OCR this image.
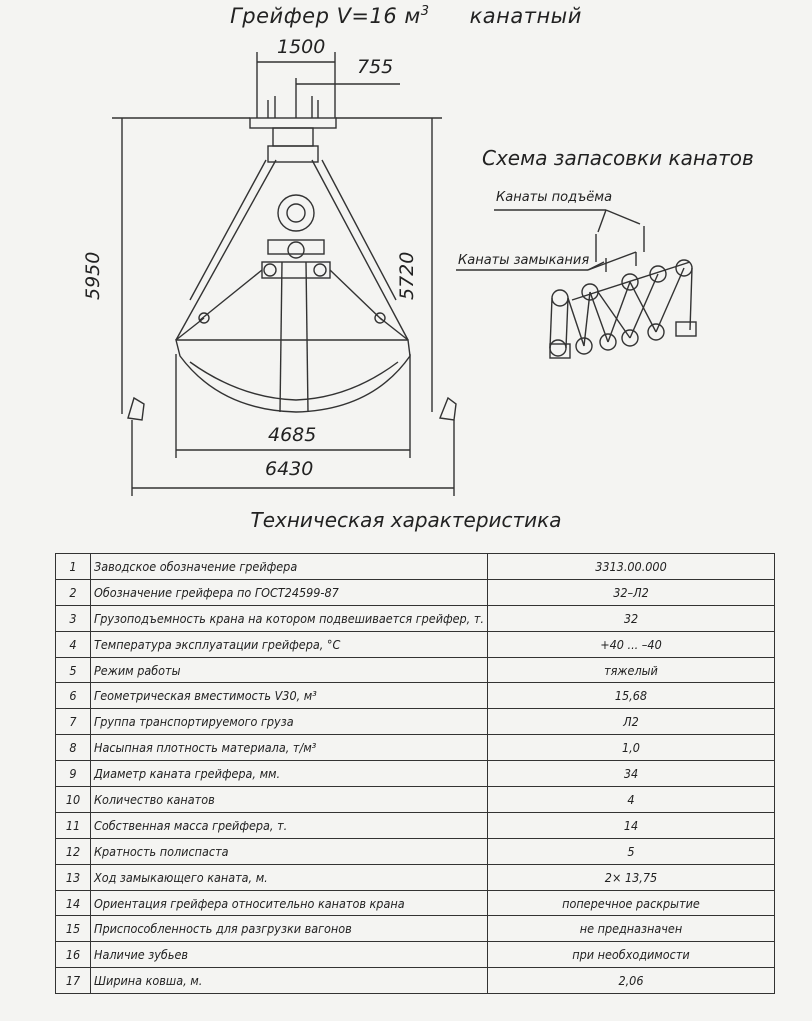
Грейфер V=16 $м^3$ канатный
1500
755
5950	5720
4685
6430
Схема запасовки канатов
Канаты подъёма
Канаты замыкания
Техническая характеристика
1	Заводское обозначение грейфера	3313.00.000
2	Обозначение грейфера по ГОСТ24599-87	32–Л2
3	Грузоподъемность крана на котором подвешивается грейфер, т.	32
4	Температура эксплуатации грейфера, °С	+40 ... –40
5	Режим работы	тяжелый
6	Геометрическая вместимость V30, м³	15,68
7	Группа транспортируемого груза	Л2
8	Насыпная плотность материала, т/м³	1,0
9	Диаметр каната грейфера, мм.	34
10	Количество канатов	4
11	Собственная масса грейфера, т.	14
12	Кратность полиспаста	5
13	Ход замыкающего каната, м.	2× 13,75
14	Ориентация грейфера относительно канатов крана	поперечное раскрытие
15	Приспособленность для разгрузки вагонов	не предназначен
16	Наличие зубьев	при необходимости
17	Ширина ковша, м.	2,06
